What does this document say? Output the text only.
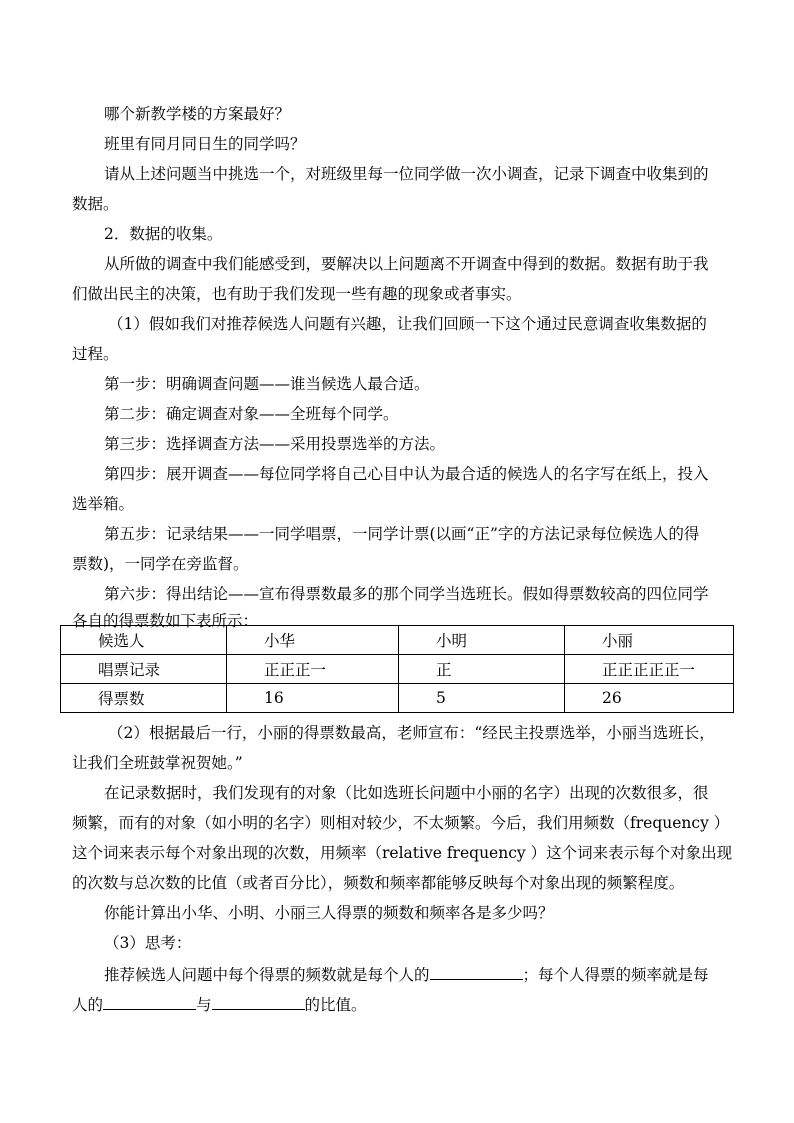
哪个新教学楼的方案最好？
班里有同月同日生的同学吗？
请从上述问题当中挑选一个，对班级里每一位同学做一次小调查，记录下调查中收集到的
数据。
2．数据的收集。
从所做的调查中我们能感受到，要解决以上问题离不开调查中得到的数据。数据有助于我
们做出民主的决策，也有助于我们发现一些有趣的现象或者事实。
（1）假如我们对推荐候选人问题有兴趣，让我们回顾一下这个通过民意调查收集数据的
过程。
第一步：明确调查问题——谁当候选人最合适。
第二步：确定调查对象——全班每个同学。
第三步：选择调查方法——采用投票选举的方法。
第四步：展开调查——每位同学将自己心目中认为最合适的候选人的名字写在纸上，投入
选举箱。
第五步：记录结果——一同学唱票，一同学计票(以画“正”字的方法记录每位候选人的得
票数)，一同学在旁监督。
第六步：得出结论——宣布得票数最多的那个同学当选班长。假如得票数较高的四位同学
各自的得票数如下表所示：
候选人	小华	小明	小丽
唱票记录	正正正一	正	正正正正正一
得票数	16	5	26
（2）根据最后一行，小丽的得票数最高，老师宣布：“经民主投票选举，小丽当选班长，
让我们全班鼓掌祝贺她。”
在记录数据时，我们发现有的对象（比如选班长问题中小丽的名字）出现的次数很多，很
频繁，而有的对象（如小明的名字）则相对较少，不太频繁。今后，我们用频数（frequency ）
这个词来表示每个对象出现的次数，用频率（relative frequency ）这个词来表示每个对象出现
的次数与总次数的比值（或者百分比），频数和频率都能够反映每个对象出现的频繁程度。
你能计算出小华、小明、小丽三人得票的频数和频率各是多少吗？
（3）思考：
推荐候选人问题中每个得票的频数就是每个人的	；每个人得票的频率就是每
人的	与	的比值。
